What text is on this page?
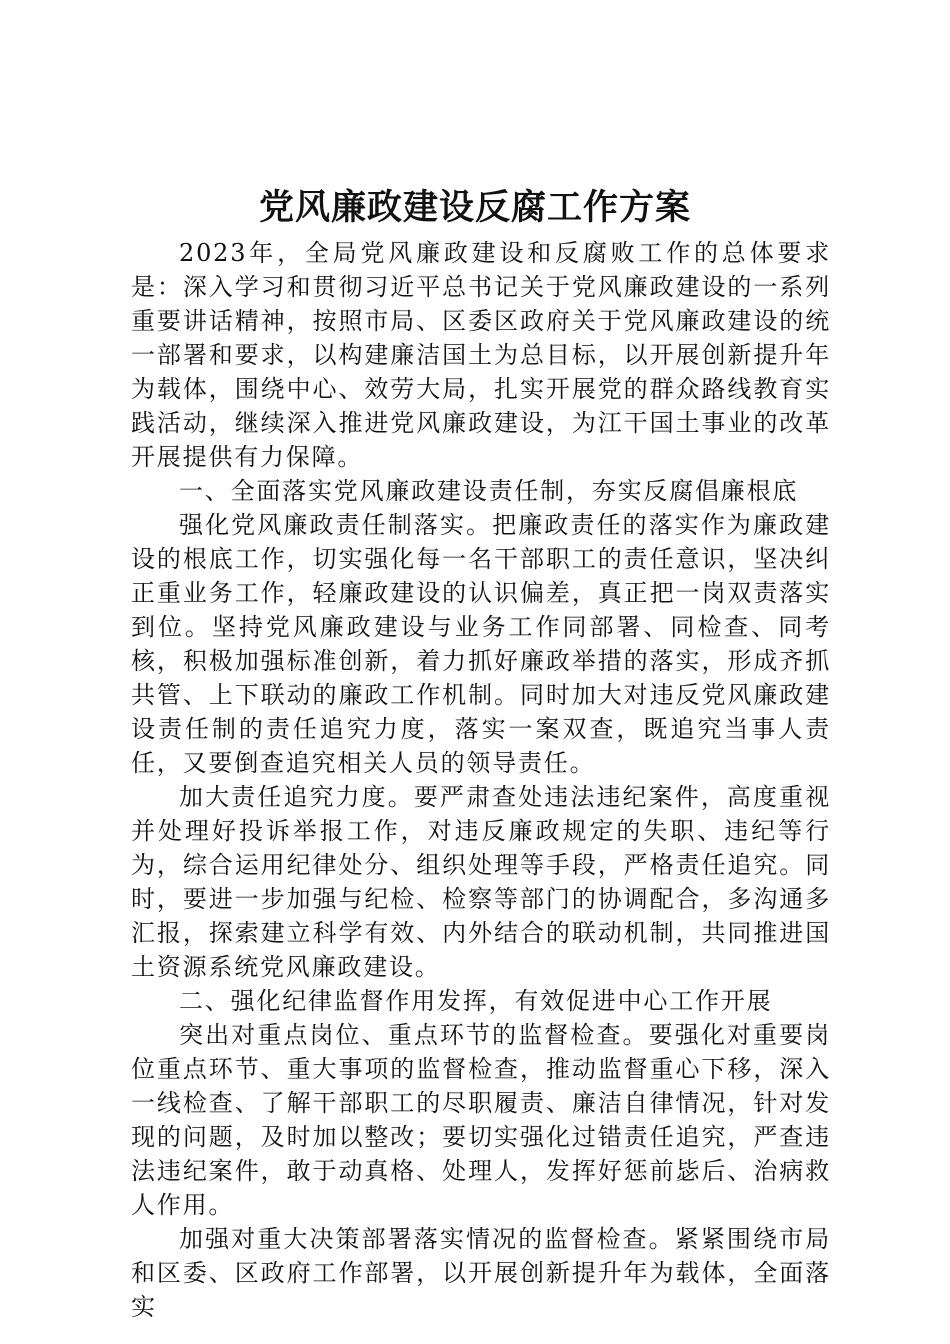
党风廉政建设反腐工作方案

2023年，全局党风廉政建设和反腐败工作的总体要求是：深入学习和贯彻习近平总书记关于党风廉政建设的一系列重要讲话精神，按照市局、区委区政府关于党风廉政建设的统一部署和要求，以构建廉洁国土为总目标，以开展创新提升年为载体，围绕中心、效劳大局，扎实开展党的群众路线教育实践活动，继续深入推进党风廉政建设，为江干国土事业的改革开展提供有力保障。

一、全面落实党风廉政建设责任制，夯实反腐倡廉根底

强化党风廉政责任制落实。把廉政责任的落实作为廉政建设的根底工作，切实强化每一名干部职工的责任意识，坚决纠正重业务工作，轻廉政建设的认识偏差，真正把一岗双责落实到位。坚持党风廉政建设与业务工作同部署、同检查、同考核，积极加强标准创新，着力抓好廉政举措的落实，形成齐抓共管、上下联动的廉政工作机制。同时加大对违反党风廉政建设责任制的责任追究力度，落实一案双查，既追究当事人责任，又要倒查追究相关人员的领导责任。

加大责任追究力度。要严肃查处违法违纪案件，高度重视并处理好投诉举报工作，对违反廉政规定的失职、违纪等行为，综合运用纪律处分、组织处理等手段，严格责任追究。同时，要进一步加强与纪检、检察等部门的协调配合，多沟通多汇报，探索建立科学有效、内外结合的联动机制，共同推进国土资源系统党风廉政建设。

二、强化纪律监督作用发挥，有效促进中心工作开展

突出对重点岗位、重点环节的监督检查。要强化对重要岗位重点环节、重大事项的监督检查，推动监督重心下移，深入一线检查、了解干部职工的尽职履责、廉洁自律情况，针对发现的问题，及时加以整改；要切实强化过错责任追究，严查违法违纪案件，敢于动真格、处理人，发挥好惩前毖后、治病救人作用。

加强对重大决策部署落实情况的监督检查。紧紧围绕市局和区委、区政府工作部署，以开展创新提升年为载体，全面落实
